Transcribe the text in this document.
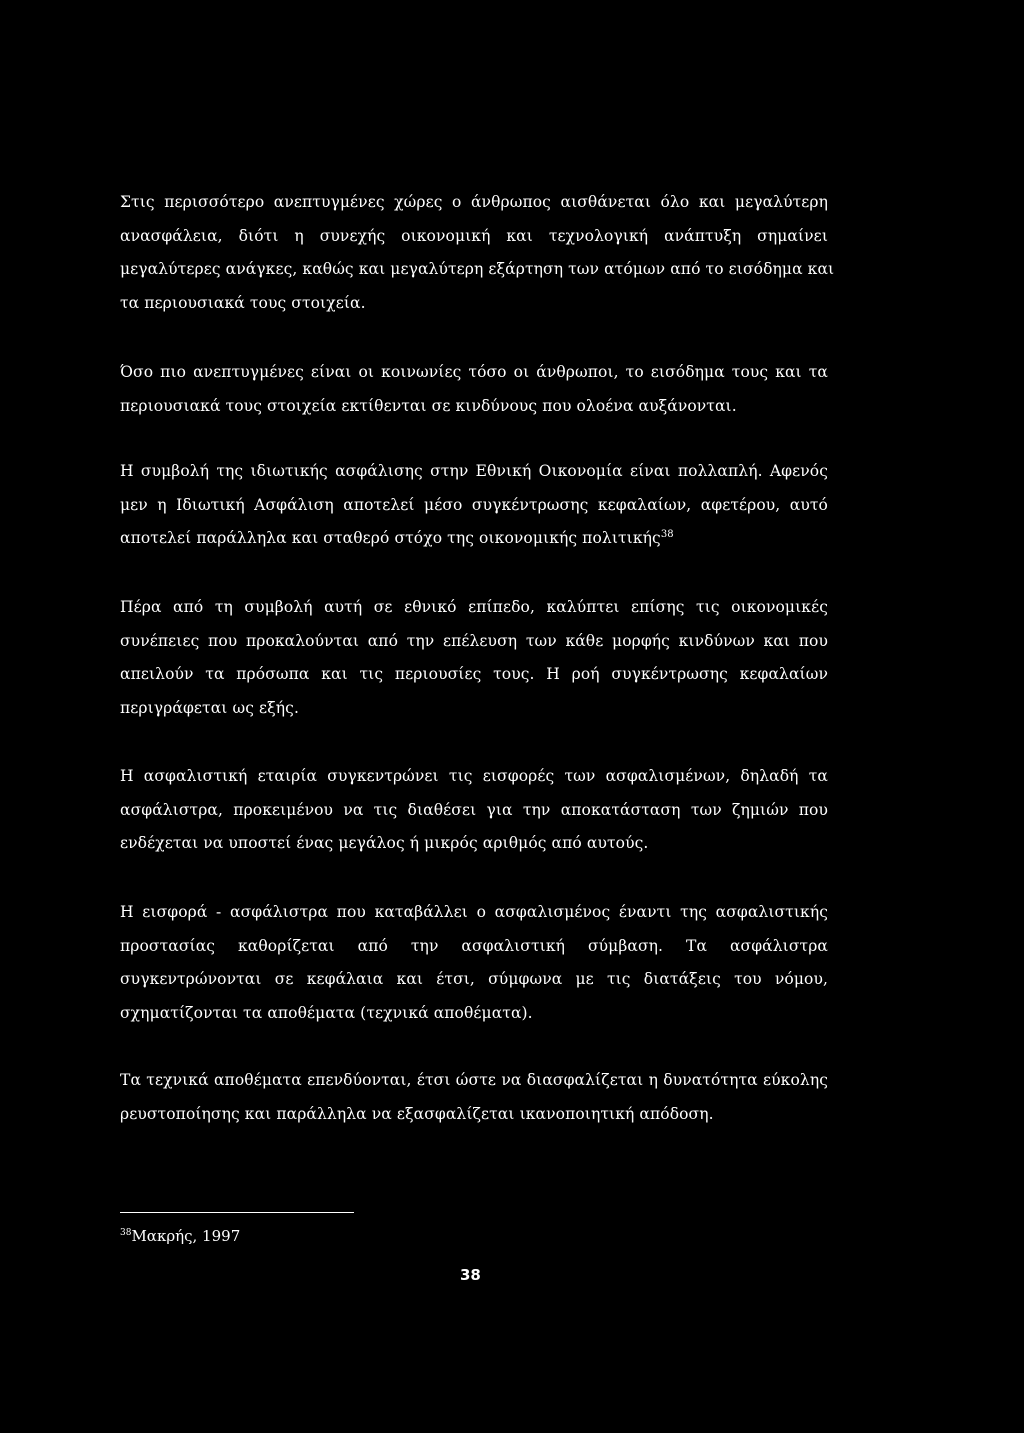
Στις περισσότερο ανεπτυγμένες χώρες ο άνθρωπος αισθάνεται όλο και μεγαλύτερη
ανασφάλεια, διότι η συνεχής οικονομική και τεχνολογική ανάπτυξη σημαίνει
μεγαλύτερες ανάγκες, καθώς και μεγαλύτερη εξάρτηση των ατόμων από το εισόδημα και
τα περιουσιακά τους στοιχεία.
Όσο πιο ανεπτυγμένες είναι οι κοινωνίες τόσο οι άνθρωποι, το εισόδημα τους και τα
περιουσιακά τους στοιχεία εκτίθενται σε κινδύνους που ολοένα αυξάνονται.
Η συμβολή της ιδιωτικής ασφάλισης στην Εθνική Οικονομία είναι πολλαπλή. Αφενός
μεν η Ιδιωτική Ασφάλιση αποτελεί μέσο συγκέντρωσης κεφαλαίων, αφετέρου, αυτό
αποτελεί παράλληλα και σταθερό στόχο της οικονομικής πολιτικής$^{38}$
Πέρα από τη συμβολή αυτή σε εθνικό επίπεδο, καλύπτει επίσης τις οικονομικές
συνέπειες που προκαλούνται από την επέλευση των κάθε μορφής κινδύνων και που
απειλούν τα πρόσωπα και τις περιουσίες τους. Η ροή συγκέντρωσης κεφαλαίων
περιγράφεται ως εξής.
Η ασφαλιστική εταιρία συγκεντρώνει τις εισφορές των ασφαλισμένων, δηλαδή τα
ασφάλιστρα, προκειμένου να τις διαθέσει για την αποκατάσταση των ζημιών που
ενδέχεται να υποστεί ένας μεγάλος ή μικρός αριθμός από αυτούς.
Η εισφορά - ασφάλιστρα που καταβάλλει ο ασφαλισμένος έναντι της ασφαλιστικής
προστασίας καθορίζεται από την ασφαλιστική σύμβαση. Τα ασφάλιστρα
συγκεντρώνονται σε κεφάλαια και έτσι, σύμφωνα με τις διατάξεις του νόμου,
σχηματίζονται τα αποθέματα (τεχνικά αποθέματα).
Τα τεχνικά αποθέματα επενδύονται, έτσι ώστε να διασφαλίζεται η δυνατότητα εύκολης
ρευστοποίησης και παράλληλα να εξασφαλίζεται ικανοποιητική απόδοση.
$^{38}$Μακρής, 1997
38
